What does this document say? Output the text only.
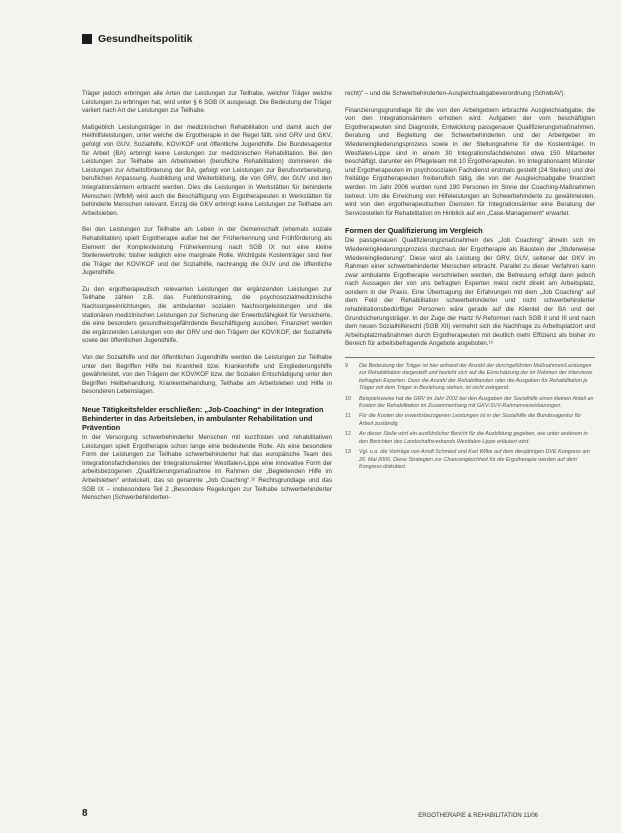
Gesundheitspolitik

Träger jedoch erbringen alle Arten der Leistungen zur Teilhabe, welcher Träger welche Leistungen zu erbringen hat, wird unter § 6 SGB IX ausgesagt. Die Bedeutung der Träger variiert nach Art der Leistungen zur Teilhabe.

Maßgeblich Leistungsträger in der medizinischen Rehabilitation und damit auch der Heilhilfsleistungen, unter welche die Ergotherapie in der Regel fällt, sind GRV und GKV, gefolgt von GUV, Sozialhilfe, KOV/KOF und öffentliche Jugendhilfe. Die Bundesagentur für Arbeit (BA) erbringt keine Leistungen zur medizinischen Rehabilitation. Bei den Leistungen zur Teilhabe am Arbeitsleben (berufliche Rehabilitation) dominieren die Leistungen zur Arbeitsförderung der BA, gefolgt von Leistungen zur Berufsvorbereitung, beruflichen Anpassung, Ausbildung und Weiterbildung, die von GRV, der GUV und den Integrationsämtern erbracht werden. Dies die Leistungen in Werkstätten für behinderte Menschen (WfbM) wird auch die Beschäftigung von Ergotherapeuten in Werkstätten für behinderte Menschen relevant. Einzig die GKV erbringt keine Leistungen zur Teilhabe am Arbeitsleben.

Bei den Leistungen zur Teilhabe am Leben in der Gemeinschaft (ehemals soziale Rehabilitation) spielt Ergotherapie außer bei der Früherkennung und Frühförderung als Element der Komplexleistung Früherkennung nach SGB IX nur eine kleine Stellenwertrolle; bisher lediglich eine marginale Rolle. Wichtigste Kostenträger sind hier die Träger der KOV/KOF und der Sozialhilfe, nachrangig die GUV und die öffentliche Jugendhilfe.

Zu den ergotherapeutisch relevanten Leistungen der ergänzenden Leistungen zur Teilhabe zählen z.B. das Funktionstraining, die psychosozialmedizinische Nachsorgeeinrichtungen, die ambulanten sozialen Nachsorgeleistungen und die stationären medizinischen Leistungen zur Sicherung der Erwerbsfähigkeit für Versicherte, die eine besonders gesundheitsgefährdende Beschäftigung ausüben. Finanziert werden die ergänzenden Leistungen von der GRV und den Trägern der KOV/KOF, der Sozialhilfe sowie der öffentlichen Jugendhilfe.

Von der Sozialhilfe und der öffentlichen Jugendhilfe werden die Leistungen zur Teilhabe unter den Begriffen Hilfe bei Krankheit bzw. Krankenhilfe und Eingliederungshilfe gewährleistet, von den Trägern der KOV/KOF bzw. der Sozialen Entschädigung unter den Begriffen Heilbehandlung, Krankenbehandlung, Teilhabe am Arbeitsleben und Hilfe in besonderen Lebenslagen.

Neue Tätigkeitsfelder erschließen: „Job-Coaching“ in der Integration Behinderter in das Arbeitsleben, in ambulanter Rehabilitation und Prävention

In der Versorgung schwerbehinderter Menschen mit kurzfristen und rehabilitativen Leistungen spielt Ergotherapie schon lange eine bedeutende Rolle. Als eine besondere Form der Leistungen zur Teilhabe schwerbehinderter hat das europäische Team des Integrationsfachdienstes der Integrationsämter Westfalen-Lippe eine innovative Form der arbeitsbezogenen „Qualifizierungsmaßnahme im Rahmen der „Begleitenden Hilfe im Arbeitsleben“ entwickelt, das so genannte „Job Coaching“.¹² Rechtsgrundlage und das SGB IX – insbesondere Teil 2 „Besondere Regelungen zur Teilhabe schwerbehinderter Menschen (Schwerbehinderten-

recht)“ – und die Schwerbehinderten-Ausgleichsabgabeverordnung (SchwbAV).

Finanzierungsgrundlage für die von den Arbeitgebern erbrachte Ausgleichsabgabe, die von den Integrationsämtern erhoben wird. Aufgaben der vom beschäftigten Ergotherapeuten sind Diagnostik, Entwicklung passgenauer Qualifizierungsmaßnahmen, Beratung und Begleitung der Schwerbehinderten und der Arbeitgeber im Wiedereingliederungsprozess sowie in der Stellungnahme für die Kostenträger. In Westfalen-Lippe sind in einem 30 Integrationsfachdiensten etwa 150 Mitarbeiter beschäftigt, darunter ein Pflegeteam mit 10 Ergotherapeuten. Im Integrationsamt Münster und Ergotherapeuten im psychosozialen Fachdienst erstmals gestellt (24 Stellen) und drei freitätige Ergotherapeuten freiberuflich tätig, die von der Ausgleichsabgabe finanziert werden. Im Jahr 2006 wurden rund 190 Personen im Sinne der Coaching-Maßnahmen betreut. Um die Erreichung von Hilfeleistungen an Schwerbehinderte zu gewährleisten, wird von den ergotherapeutischen Diensten für Integrationsämter eine Beratung der Servicestellen für Rehabilitation im Hinblick auf ein „Case-Management“ erwartet.

Formen der Qualifizierung im Vergleich

Die passgenauen Qualifizierungsmaßnahmen des „Job Coaching“ ähneln sich im Wiedereingliederungsprozess durchaus der Ergotherapie als Baustein der „Stufenweise Wiedereingliederung“. Diese wird als Leistung der GRV, GUV, seltener der GKV im Rahmen einer schwerbehinderter Menschen erbracht. Parallel zu dieser Verfahren kann zwar ambulante Ergotherapie verschrieben werden, die Betreuung erfolgt dann jedoch nach Aussagen der von uns befragten Experten meist nicht direkt am Arbeitsplatz, sondern in der Praxis. Eine Übertragung der Erfahrungen mit dem „Job Coaching“ auf dem Feld der Rehabilitation schwerbehinderter und nicht schwerbehinderter rehabilitationsbedürftiger Personen wäre gerade auf die Klientel der BA und der Grundsicherungsträger. In der Zuge der Hartz IV-Reformen nach SGB II und III und nach dem neuen Sozialhilferecht (SGB XII) vermehrt sich die Nachfrage zu Arbeitsplatzort und Arbeitsplatzmaßnahmen durch Ergotherapeuten mit deutlich mehr Effizienz als bisher im Bereich für arbeitsbefragende Angebote angeboten.¹³

9	Die Bedeutung der Träger ist hier anhand der Anzahl der durchgeführten Maßnahmen/Leistungen zur Rehabilitation dargestellt und bezieht sich auf die Einschätzung der im Rahmen der Interviews befragten Experten. Dass die Anzahl der Rehabilitanden oder die Ausgaben für Rehabilitation je Träger mit dem Träger in Beziehung stehen, ist nicht zwingend.
10	Beispielsweise hat die GRV im Jahr 2002 bei den Ausgaben der Sozialhilfe einen kleinen Anteil an Kosten der Rehabilitation im Zusammenhang mit GKV-SVV-Rahmenvereinbarungen.
11	Für die Kosten der erwerbsbezogenen Leistungen ist in der Sozialhilfe die Bundesagentur für Arbeit zuständig.
12	An dieser Stelle wird ein ausführlicher Bericht für die Ausbildung gegeben, wie unter anderem in den Berichten des Landschaftsverbands Westfalen-Lippe erläutert wird.
13	Vgl. u.a. die Vorträge von Arndt Schmied und Karl Wilke auf dem diesjährigen DVE Kongress am 26. Mai 2006. Diese Strategien zur Chancengleichheit für die Ergotherapie werden auf dem Kongress diskutiert.
8	ERGOTHERAPIE & REHABILITATION 11/06
